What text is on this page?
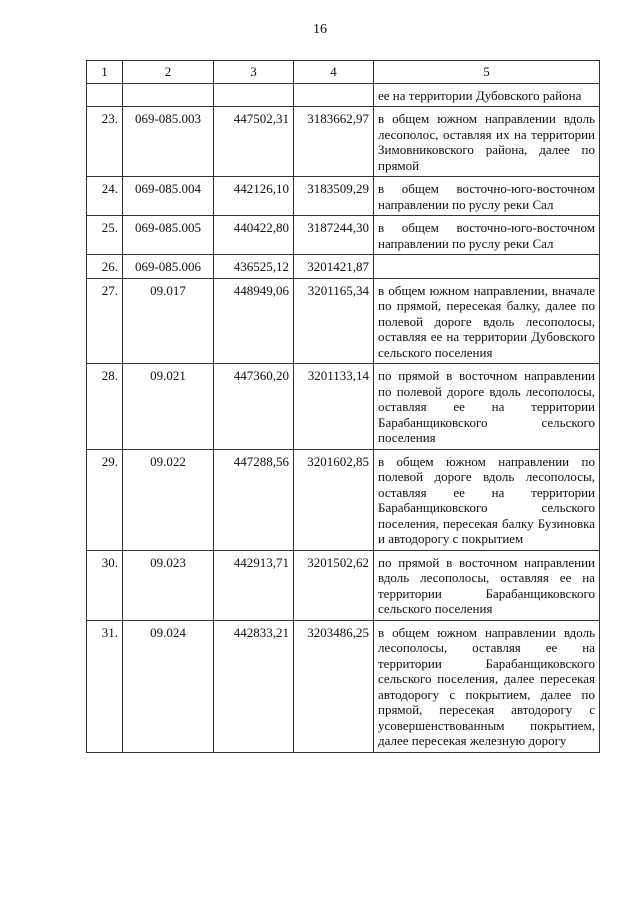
16
1	2	3	4	5
				ее на территории Дубовского района
23.	069-085.003	447502,31	3183662,97	в общем южном направлении вдоль лесополос, оставляя их на территории Зимовниковского района, далее по прямой
24.	069-085.004	442126,10	3183509,29	в общем восточно-юго-восточном направлении по руслу реки Сал
25.	069-085.005	440422,80	3187244,30	в общем восточно-юго-восточном направлении по руслу реки Сал
26.	069-085.006	436525,12	3201421,87	
27.	09.017	448949,06	3201165,34	в общем южном направлении, вначале по прямой, пересекая балку, далее по полевой дороге вдоль лесополосы, оставляя ее на территории Дубовского сельского поселения
28.	09.021	447360,20	3201133,14	по прямой в восточном направлении по полевой дороге вдоль лесополосы, оставляя ее на территории Барабанщиковского сельского поселения
29.	09.022	447288,56	3201602,85	в общем южном направлении по полевой дороге вдоль лесополосы, оставляя ее на территории Барабанщиковского сельского поселения, пересекая балку Бузиновка и автодорогу с покрытием
30.	09.023	442913,71	3201502,62	по прямой в восточном направлении вдоль лесополосы, оставляя ее на территории Барабанщиковского сельского поселения
31.	09.024	442833,21	3203486,25	в общем южном направлении вдоль лесополосы, оставляя ее на территории Барабанщиковского сельского поселения, далее пересекая автодорогу с покрытием, далее по прямой, пересекая автодорогу с усовершенствованным покрытием, далее пересекая железную дорогу
